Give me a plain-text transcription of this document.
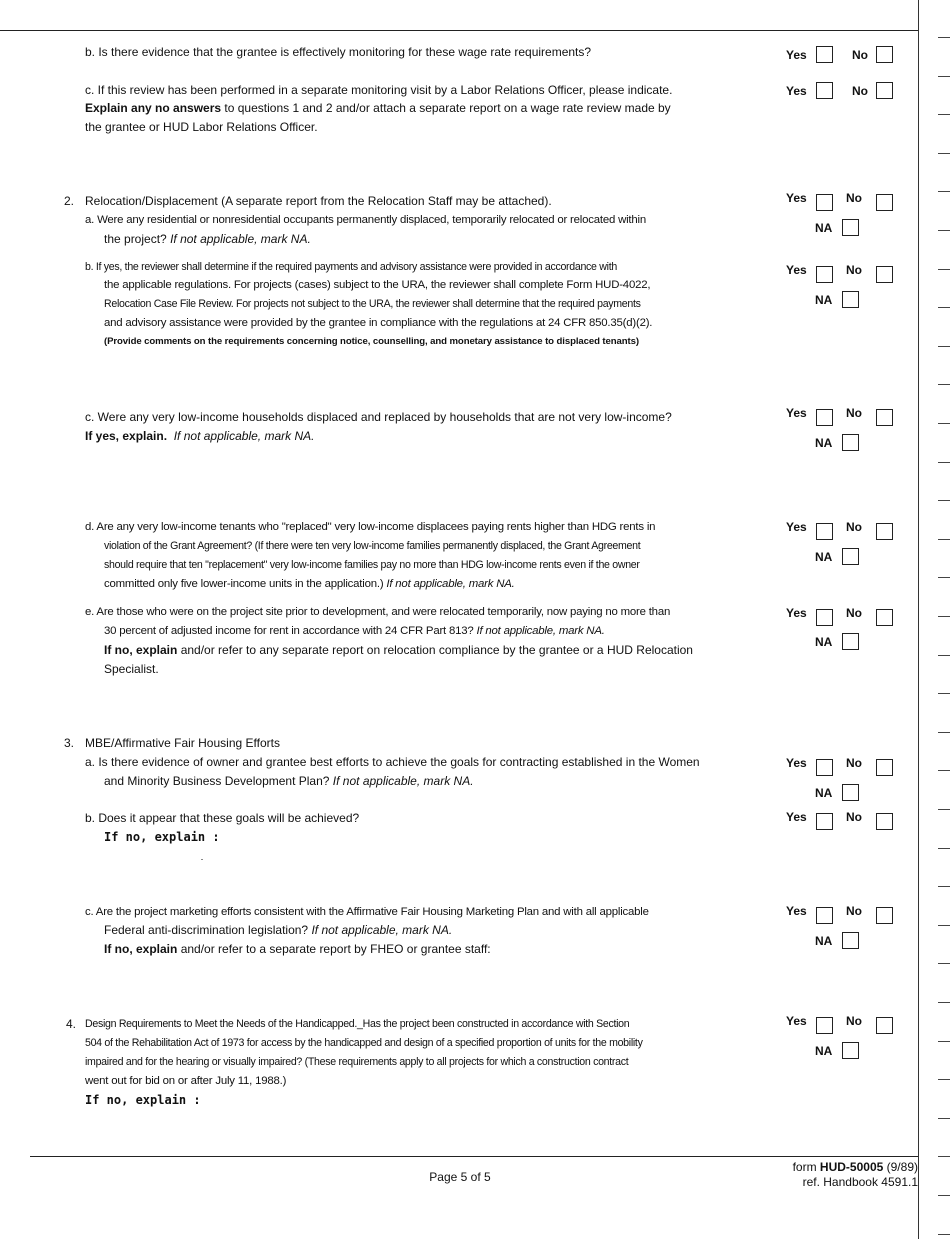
b. Is there evidence that the grantee is effectively monitoring for these wage rate requirements?	Yes	No
c. If this review has been performed in a separate monitoring visit by a Labor Relations Officer, please indicate.
Explain any no answers to questions 1 and 2 and/or attach a separate report on a wage rate review made by
the grantee or HUD Labor Relations Officer.
Yes	No
2. Relocation/Displacement (A separate report from the Relocation Staff may be attached).
a. Were any residential or nonresidential occupants permanently displaced, temporarily relocated or relocated within
the project? If not applicable, mark NA.
Yes	No
NA
b. If yes, the reviewer shall determine if the required payments and advisory assistance were provided in accordance with
the applicable regulations. For projects (cases) subject to the URA, the reviewer shall complete Form HUD-4022,
Relocation Case File Review. For projects not subject to the URA, the reviewer shall determine that the required payments
and advisory assistance were provided by the grantee in compliance with the regulations at 24 CFR 850.35(d)(2).
(Provide comments on the requirements concerning notice, counselling, and monetary assistance to displaced tenants)
Yes	No
NA
c. Were any very low-income households displaced and replaced by households that are not very low-income?
If yes, explain. If not applicable, mark NA.
Yes	No
NA
d. Are any very low-income tenants who "replaced" very low-income displacees paying rents higher than HDG rents in
violation of the Grant Agreement? (If there were ten very low-income families permanently displaced, the Grant Agreement
should require that ten "replacement" very low-income families pay no more than HDG low-income rents even if the owner
committed only five lower-income units in the application.) If not applicable, mark NA.
Yes	No
NA
e. Are those who were on the project site prior to development, and were relocated temporarily, now paying no more than
30 percent of adjusted income for rent in accordance with 24 CFR Part 813? If not applicable, mark NA.
If no, explain and/or refer to any separate report on relocation compliance by the grantee or a HUD Relocation
Specialist.
Yes	No
NA
3. MBE/Affirmative Fair Housing Efforts
a. Is there evidence of owner and grantee best efforts to achieve the goals for contracting established in the Women
and Minority Business Development Plan? If not applicable, mark NA.
Yes	No
NA
b. Does it appear that these goals will be achieved?
If no, explain :
Yes	No
c. Are the project marketing efforts consistent with the Affirmative Fair Housing Marketing Plan and with all applicable
Federal anti-discrimination legislation? If not applicable, mark NA.
If no, explain and/or refer to a separate report by FHEO or grantee staff:
Yes	No
NA
4. Design Requirements to Meet the Needs of the Handicapped._Has the project been constructed in accordance with Section
504 of the Rehabilitation Act of 1973 for access by the handicapped and design of a specified proportion of units for the mobility
impaired and for the hearing or visually impaired? (These requirements apply to all projects for which a construction contract
went out for bid on or after July 11, 1988.)
If no, explain :
Yes	No
NA
Page 5 of 5
form HUD-50005 (9/89)
ref. Handbook 4591.1
